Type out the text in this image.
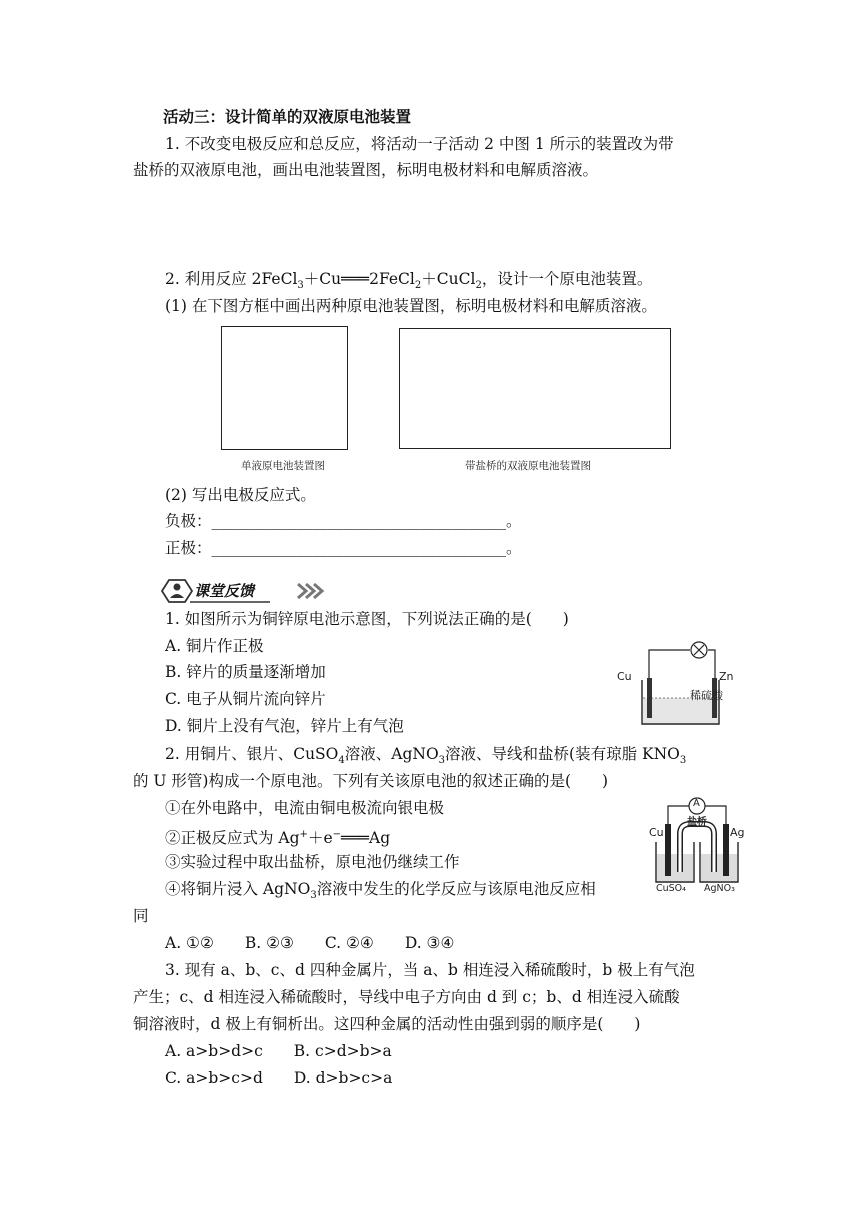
活动三：设计简单的双液原电池装置
1. 不改变电极反应和总反应，将活动一子活动 2 中图 1 所示的装置改为带
盐桥的双液原电池，画出电池装置图，标明电极材料和电解质溶液。
2. 利用反应 2FeCl$_3$＋Cu═══2FeCl$_2$＋CuCl$_2$，设计一个原电池装置。
(1) 在下图方框中画出两种原电池装置图，标明电极材料和电解质溶液。
单液原电池装置图	带盐桥的双液原电池装置图
(2) 写出电极反应式。
负极：______________________________________。
正极：______________________________________。
课堂反馈
1. 如图所示为铜锌原电池示意图，下列说法正确的是(　　)
A. 铜片作正极
B. 锌片的质量逐渐增加
C. 电子从铜片流向锌片
D. 铜片上没有气泡，锌片上有气泡
Cu	Zn
稀硫酸
2. 用铜片、银片、CuSO$_4$溶液、AgNO$_3$溶液、导线和盐桥(装有琼脂 $KNO_3$
的 U 形管)构成一个原电池。下列有关该原电池的叙述正确的是(　　)
①在外电路中，电流由铜电极流向银电极
②正极反应式为 Ag+＋e−═══Ag
③实验过程中取出盐桥，原电池仍继续工作
④将铜片浸入 AgNO$_3$溶液中发生的化学反应与该原电池反应相
同
A. ①②　　B. ②③　　C. ②④　　D. ③④
A
盐桥
Cu	Ag
CuSO₄ AgNO₃
3. 现有 a、b、c、d 四种金属片，当 a、b 相连浸入稀硫酸时，b 极上有气泡
产生；c、d 相连浸入稀硫酸时，导线中电子方向由 d 到 c；b、d 相连浸入硫酸
铜溶液时，d 极上有铜析出。这四种金属的活动性由强到弱的顺序是(　　)
A. a>b>d>c　　B. c>d>b>a
C. a>b>c>d　　D. d>b>c>a
